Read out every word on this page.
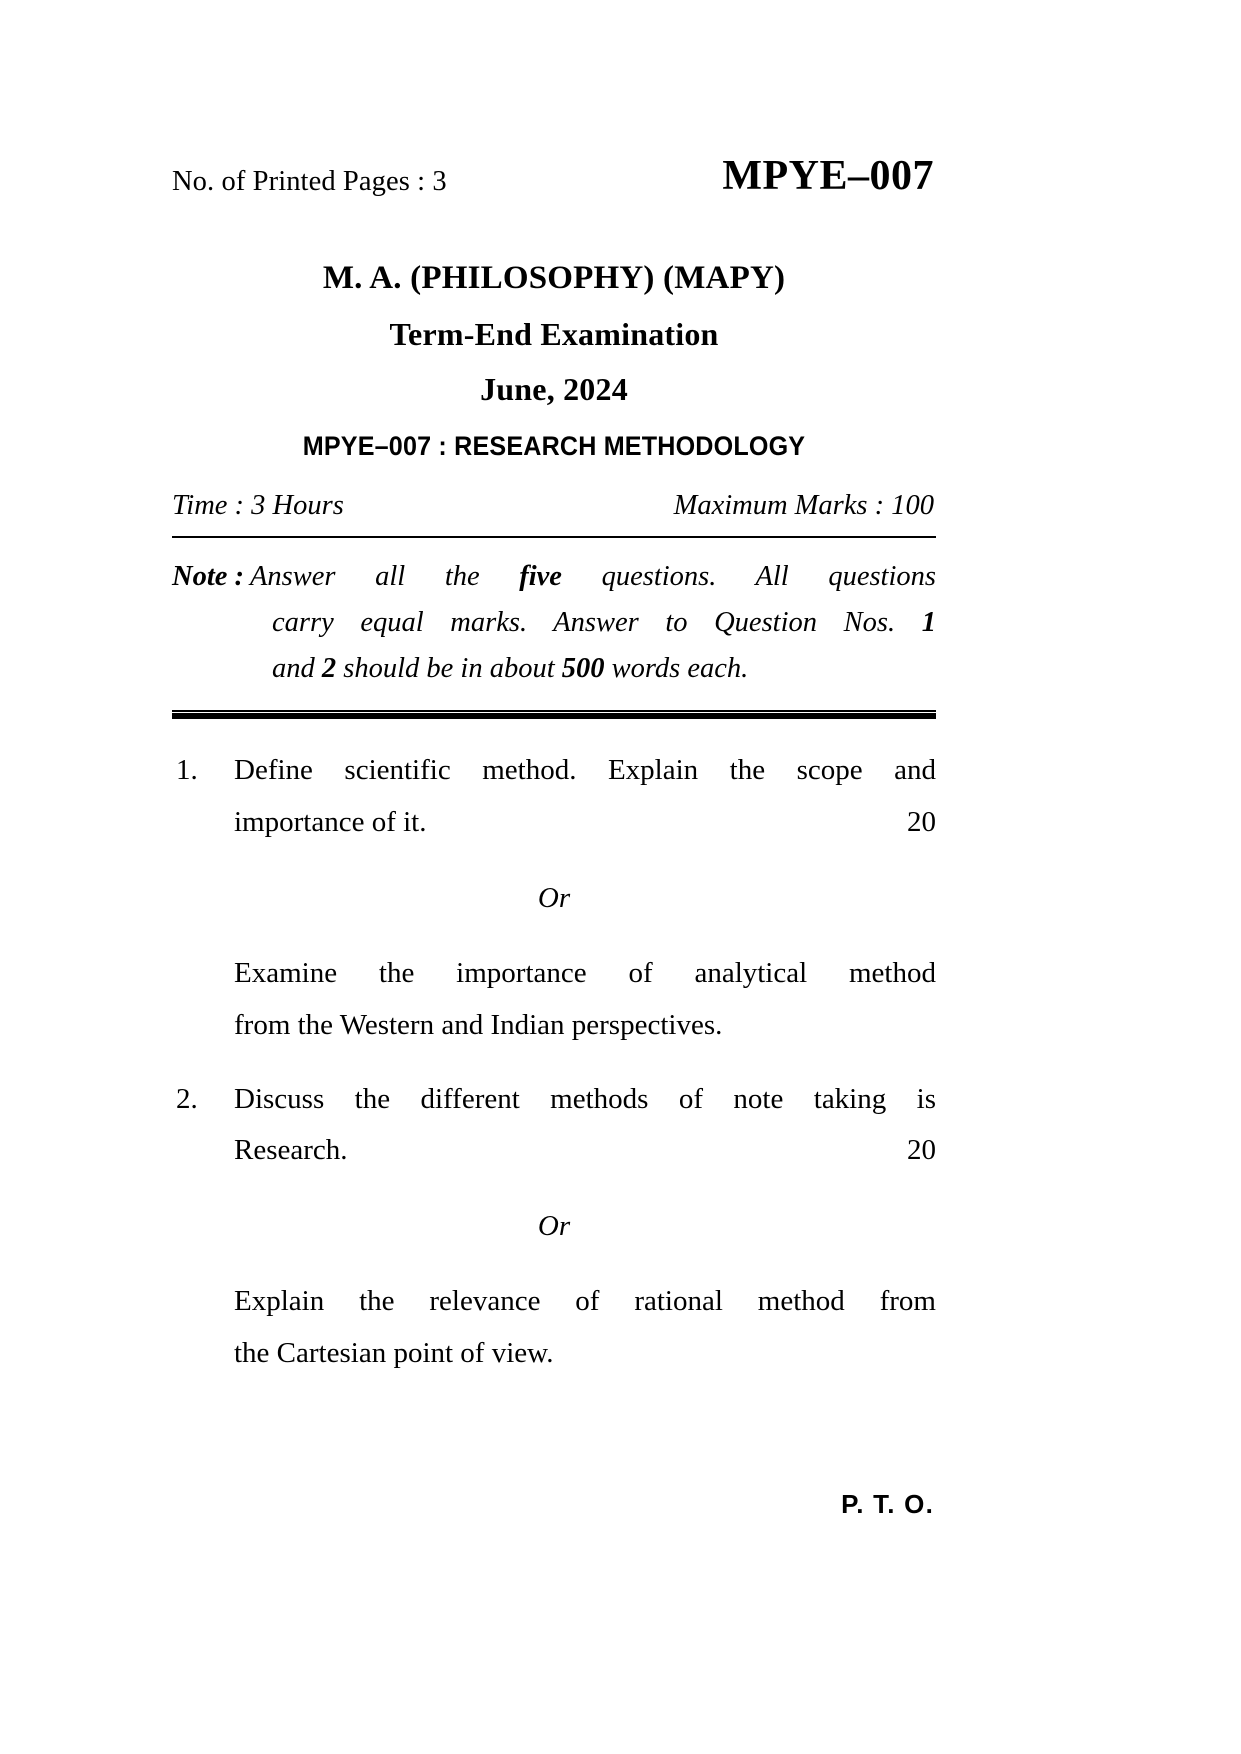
No. of Printed Pages : 3	MPYE–007
M. A. (PHILOSOPHY) (MAPY)
Term-End Examination
June, 2024
MPYE–007 : RESEARCH METHODOLOGY
Time : 3 Hours	Maximum Marks : 100
Note : Answer all the five questions. All questions
carry equal marks. Answer to Question Nos. 1
and 2 should be in about 500 words each.
1.	Define scientific method. Explain the scope and
importance of it.	20
Or
Examine the importance of analytical method
from the Western and Indian perspectives.
2.	Discuss the different methods of note taking is
Research.	20
Or
Explain the relevance of rational method from
the Cartesian point of view.
P. T. O.
